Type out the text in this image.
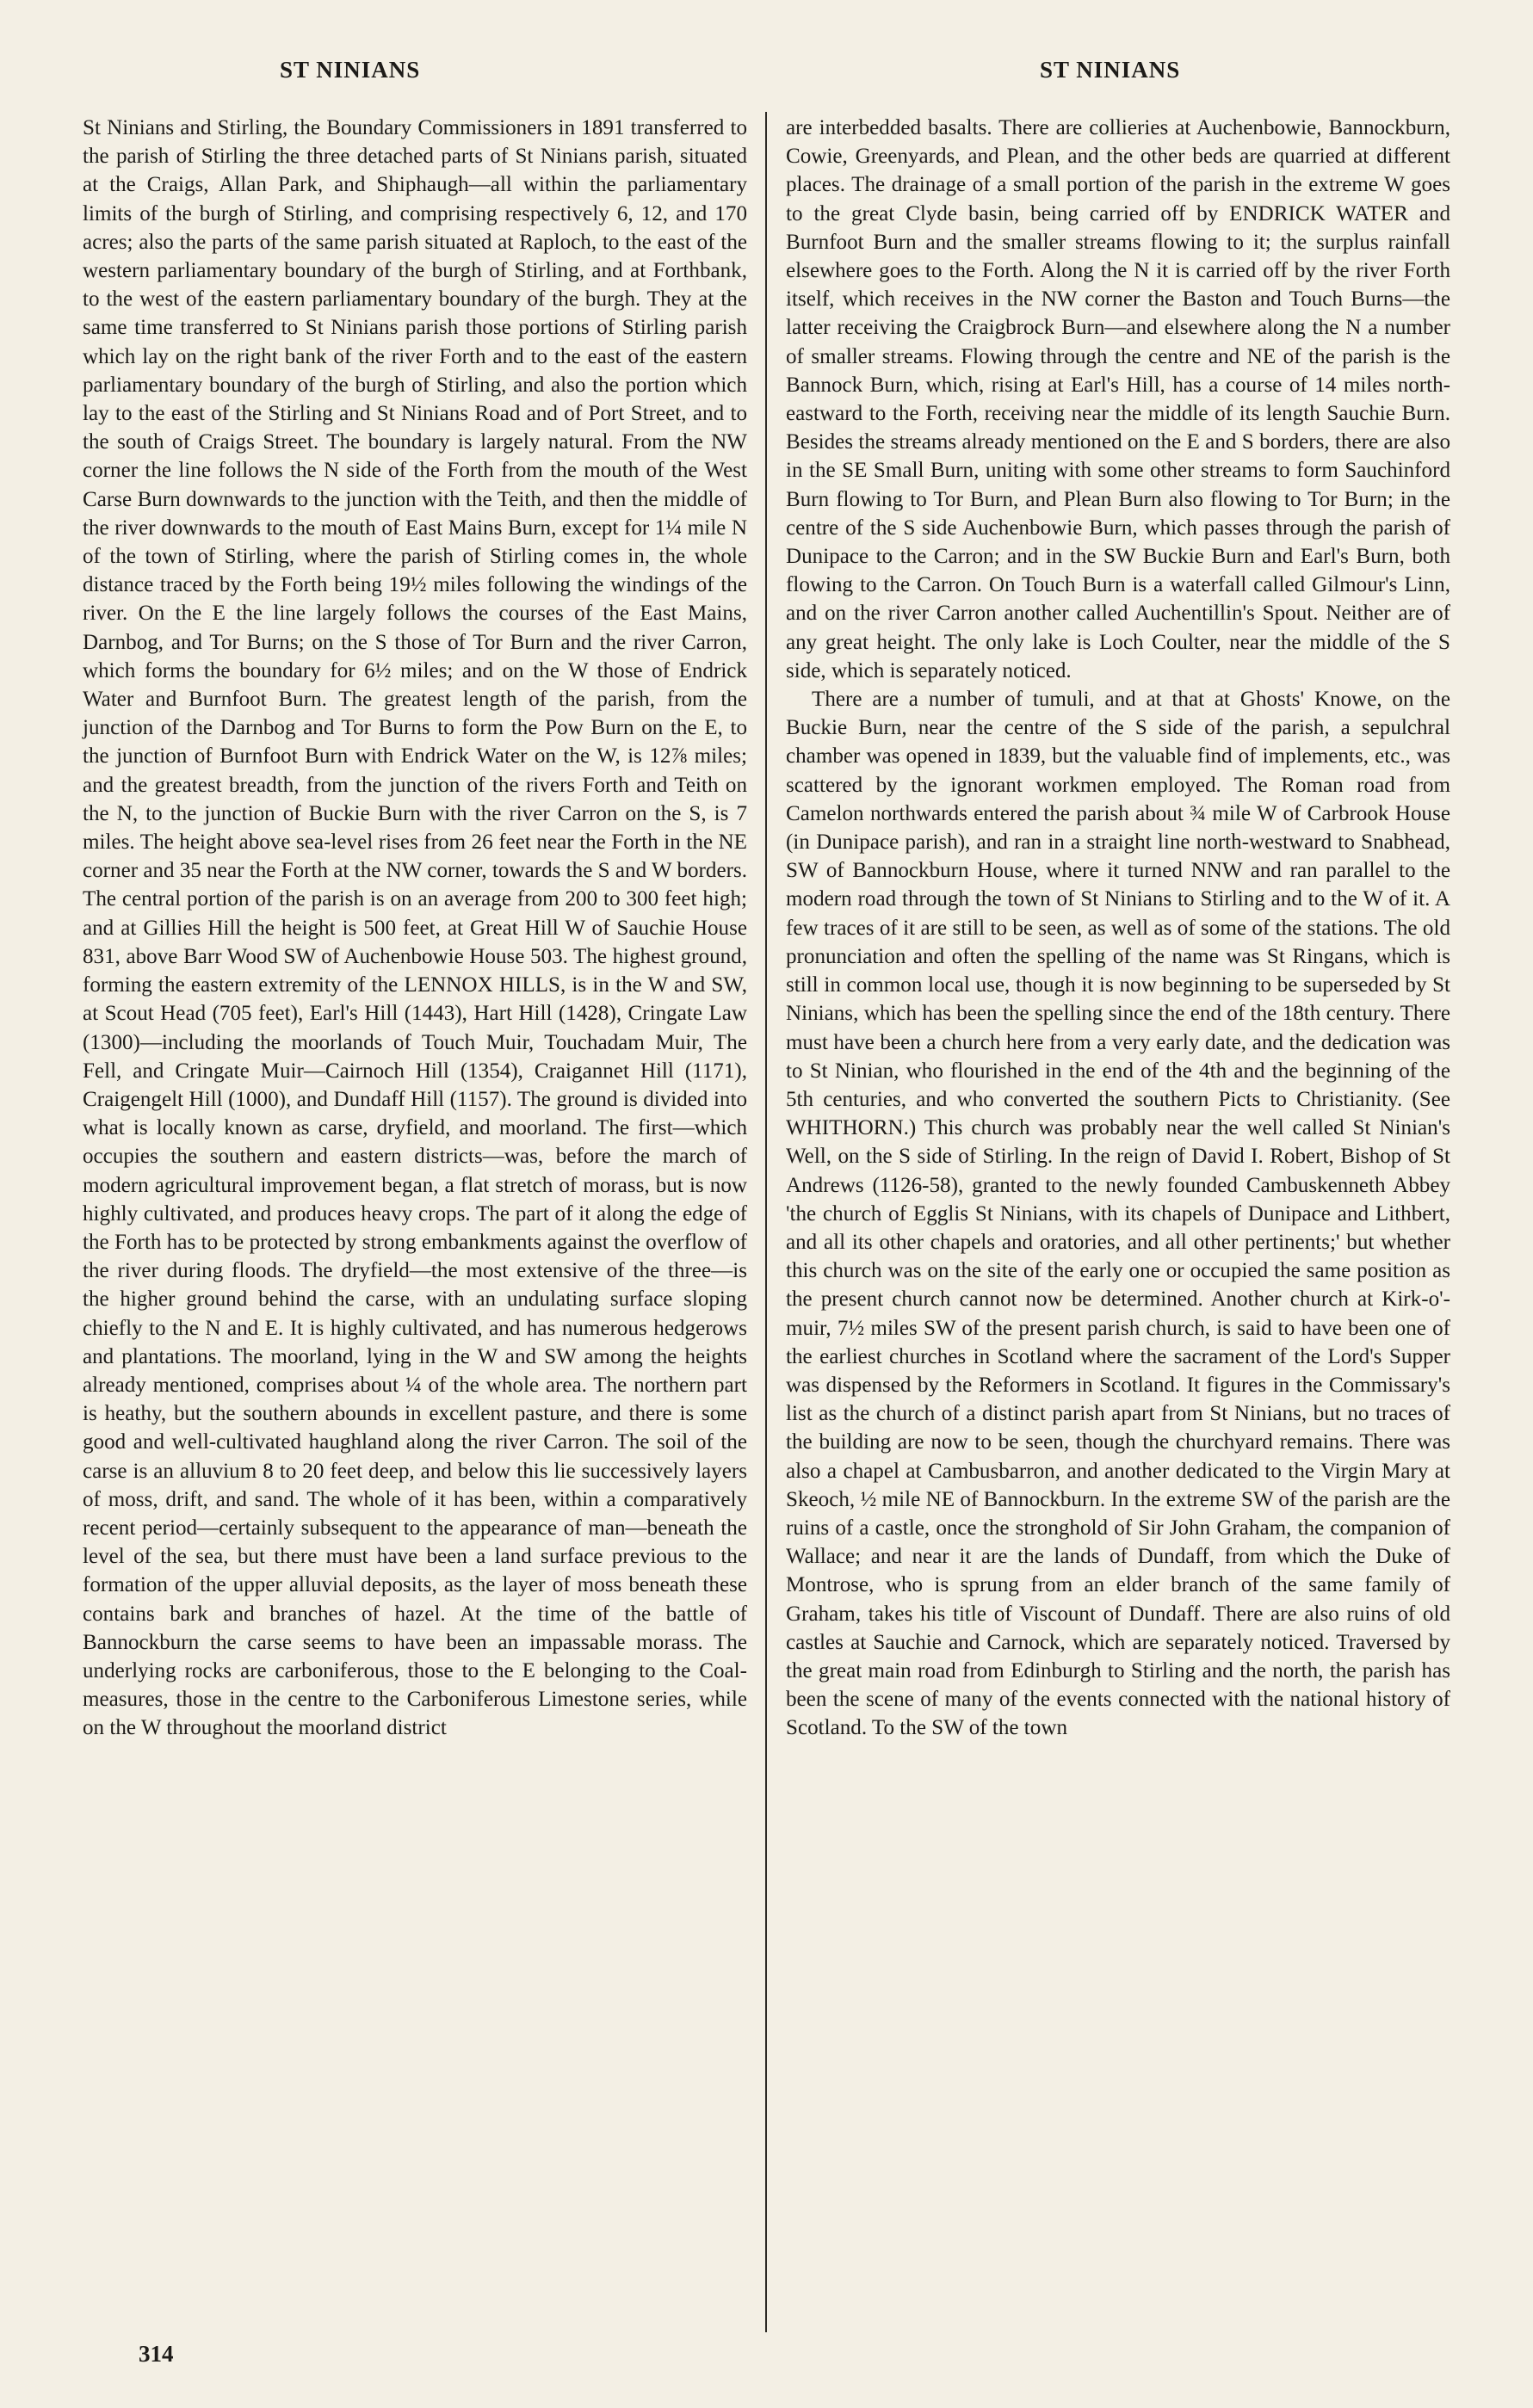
ST NINIANS	ST NINIANS

St Ninians and Stirling, the Boundary Commissioners in 1891 transferred to the parish of Stirling the three detached parts of St Ninians parish, situated at the Craigs, Allan Park, and Shiphaugh—all within the parliamentary limits of the burgh of Stirling, and comprising respectively 6, 12, and 170 acres; also the parts of the same parish situated at Raploch, to the east of the western parliamentary boundary of the burgh of Stirling, and at Forthbank, to the west of the eastern parliamentary boundary of the burgh. They at the same time transferred to St Ninians parish those portions of Stirling parish which lay on the right bank of the river Forth and to the east of the eastern parliamentary boundary of the burgh of Stirling, and also the portion which lay to the east of the Stirling and St Ninians Road and of Port Street, and to the south of Craigs Street. The boundary is largely natural. From the NW corner the line follows the N side of the Forth from the mouth of the West Carse Burn downwards to the junction with the Teith, and then the middle of the river downwards to the mouth of East Mains Burn, except for 1¼ mile N of the town of Stirling, where the parish of Stirling comes in, the whole distance traced by the Forth being 19½ miles following the windings of the river. On the E the line largely follows the courses of the East Mains, Darnbog, and Tor Burns; on the S those of Tor Burn and the river Carron, which forms the boundary for 6½ miles; and on the W those of Endrick Water and Burnfoot Burn. The greatest length of the parish, from the junction of the Darnbog and Tor Burns to form the Pow Burn on the E, to the junction of Burnfoot Burn with Endrick Water on the W, is 12⅞ miles; and the greatest breadth, from the junction of the rivers Forth and Teith on the N, to the junction of Buckie Burn with the river Carron on the S, is 7 miles. The height above sea-level rises from 26 feet near the Forth in the NE corner and 35 near the Forth at the NW corner, towards the S and W borders. The central portion of the parish is on an average from 200 to 300 feet high; and at Gillies Hill the height is 500 feet, at Great Hill W of Sauchie House 831, above Barr Wood SW of Auchenbowie House 503. The highest ground, forming the eastern extremity of the LENNOX HILLS, is in the W and SW, at Scout Head (705 feet), Earl's Hill (1443), Hart Hill (1428), Cringate Law (1300)—including the moorlands of Touch Muir, Touchadam Muir, The Fell, and Cringate Muir—Cairnoch Hill (1354), Craigannet Hill (1171), Craigengelt Hill (1000), and Dundaff Hill (1157). The ground is divided into what is locally known as carse, dryfield, and moorland. The first—which occupies the southern and eastern districts—was, before the march of modern agricultural improvement began, a flat stretch of morass, but is now highly cultivated, and produces heavy crops. The part of it along the edge of the Forth has to be protected by strong embankments against the overflow of the river during floods. The dryfield—the most extensive of the three—is the higher ground behind the carse, with an undulating surface sloping chiefly to the N and E. It is highly cultivated, and has numerous hedgerows and plantations. The moorland, lying in the W and SW among the heights already mentioned, comprises about ¼ of the whole area. The northern part is heathy, but the southern abounds in excellent pasture, and there is some good and well-cultivated haughland along the river Carron. The soil of the carse is an alluvium 8 to 20 feet deep, and below this lie successively layers of moss, drift, and sand. The whole of it has been, within a comparatively recent period—certainly subsequent to the appearance of man—beneath the level of the sea, but there must have been a land surface previous to the formation of the upper alluvial deposits, as the layer of moss beneath these contains bark and branches of hazel. At the time of the battle of Bannockburn the carse seems to have been an impassable morass. The underlying rocks are carboniferous, those to the E belonging to the Coal-measures, those in the centre to the Carboniferous Limestone series, while on the W throughout the moorland district

are interbedded basalts. There are collieries at Auchenbowie, Bannockburn, Cowie, Greenyards, and Plean, and the other beds are quarried at different places. The drainage of a small portion of the parish in the extreme W goes to the great Clyde basin, being carried off by ENDRICK WATER and Burnfoot Burn and the smaller streams flowing to it; the surplus rainfall elsewhere goes to the Forth. Along the N it is carried off by the river Forth itself, which receives in the NW corner the Baston and Touch Burns—the latter receiving the Craigbrock Burn—and elsewhere along the N a number of smaller streams. Flowing through the centre and NE of the parish is the Bannock Burn, which, rising at Earl's Hill, has a course of 14 miles north-eastward to the Forth, receiving near the middle of its length Sauchie Burn. Besides the streams already mentioned on the E and S borders, there are also in the SE Small Burn, uniting with some other streams to form Sauchinford Burn flowing to Tor Burn, and Plean Burn also flowing to Tor Burn; in the centre of the S side Auchenbowie Burn, which passes through the parish of Dunipace to the Carron; and in the SW Buckie Burn and Earl's Burn, both flowing to the Carron. On Touch Burn is a waterfall called Gilmour's Linn, and on the river Carron another called Auchentillin's Spout. Neither are of any great height. The only lake is Loch Coulter, near the middle of the S side, which is separately noticed.

There are a number of tumuli, and at that at Ghosts' Knowe, on the Buckie Burn, near the centre of the S side of the parish, a sepulchral chamber was opened in 1839, but the valuable find of implements, etc., was scattered by the ignorant workmen employed. The Roman road from Camelon northwards entered the parish about ¾ mile W of Carbrook House (in Dunipace parish), and ran in a straight line north-westward to Snabhead, SW of Bannockburn House, where it turned NNW and ran parallel to the modern road through the town of St Ninians to Stirling and to the W of it. A few traces of it are still to be seen, as well as of some of the stations. The old pronunciation and often the spelling of the name was St Ringans, which is still in common local use, though it is now beginning to be superseded by St Ninians, which has been the spelling since the end of the 18th century. There must have been a church here from a very early date, and the dedication was to St Ninian, who flourished in the end of the 4th and the beginning of the 5th centuries, and who converted the southern Picts to Christianity. (See WHITHORN.) This church was probably near the well called St Ninian's Well, on the S side of Stirling. In the reign of David I. Robert, Bishop of St Andrews (1126-58), granted to the newly founded Cambuskenneth Abbey 'the church of Egglis St Ninians, with its chapels of Dunipace and Lithbert, and all its other chapels and oratories, and all other pertinents;' but whether this church was on the site of the early one or occupied the same position as the present church cannot now be determined. Another church at Kirk-o'-muir, 7½ miles SW of the present parish church, is said to have been one of the earliest churches in Scotland where the sacrament of the Lord's Supper was dispensed by the Reformers in Scotland. It figures in the Commissary's list as the church of a distinct parish apart from St Ninians, but no traces of the building are now to be seen, though the churchyard remains. There was also a chapel at Cambusbarron, and another dedicated to the Virgin Mary at Skeoch, ½ mile NE of Bannockburn. In the extreme SW of the parish are the ruins of a castle, once the stronghold of Sir John Graham, the companion of Wallace; and near it are the lands of Dundaff, from which the Duke of Montrose, who is sprung from an elder branch of the same family of Graham, takes his title of Viscount of Dundaff. There are also ruins of old castles at Sauchie and Carnock, which are separately noticed. Traversed by the great main road from Edinburgh to Stirling and the north, the parish has been the scene of many of the events connected with the national history of Scotland. To the SW of the town

314
